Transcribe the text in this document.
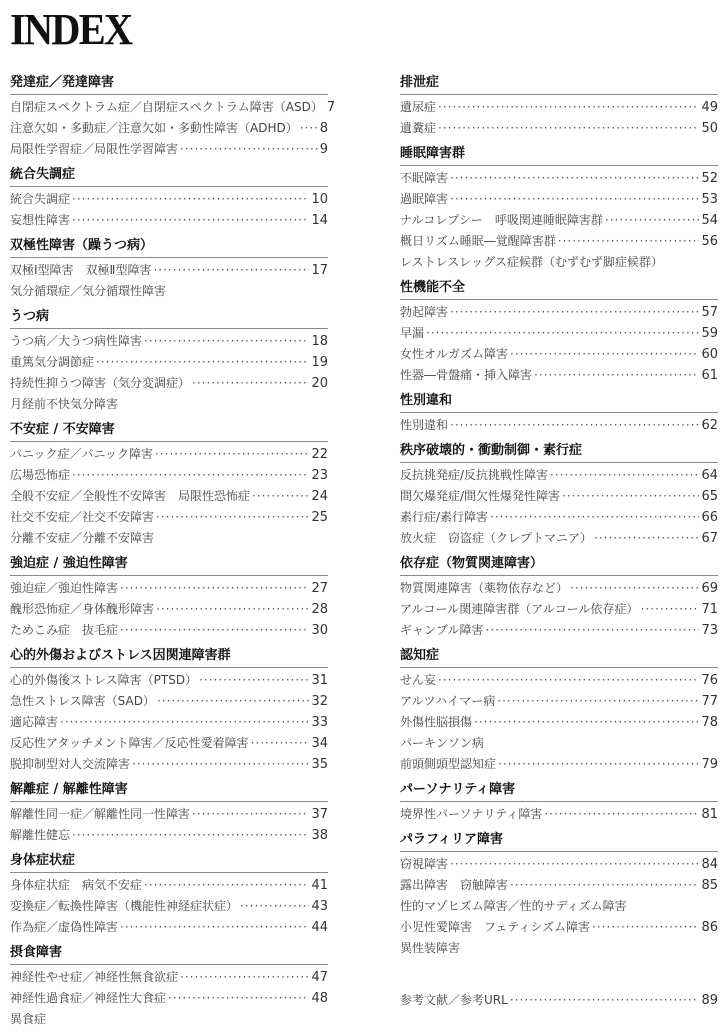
INDEX
発達症／発達障害
自閉症スペクトラム症／自閉症スペクトラム障害（ASD） 7
注意欠如・多動症／注意欠如・多動性障害（ADHD） ····· 8
局限性学習症／局限性学習障害 ·····	9
統合失調症
統合失調症 ·····	10
妄想性障害 ·····	14
双極性障害（躁うつ病）
双極Ⅰ型障害　双極Ⅱ型障害 ·····	17
気分循環症／気分循環性障害
うつ病
うつ病／大うつ病性障害 ·····	18
重篤気分調節症 ·····	19
持続性抑うつ障害（気分変調症） ·····	20
月経前不快気分障害
不安症 / 不安障害
パニック症／パニック障害 ·····	22
広場恐怖症 ·····	23
全般不安症／全般性不安障害　局限性恐怖症 ·····	24
社交不安症／社交不安障害 ·····	25
分離不安症／分離不安障害
強迫症 / 強迫性障害
強迫症／強迫性障害 ·····	27
醜形恐怖症／身体醜形障害 ·····	28
ためこみ症　抜毛症 ·····	30
心的外傷およびストレス因関連障害群
心的外傷後ストレス障害（PTSD） ·····	31
急性ストレス障害（SAD） ·····	32
適応障害 ·····	33
反応性アタッチメント障害／反応性愛着障害 ·····	34
脱抑制型対人交流障害 ·····	35
解離症 / 解離性障害
解離性同一症／解離性同一性障害 ·····	37
解離性健忘 ·····	38
身体症状症
身体症状症　病気不安症 ·····	41
変換症／転換性障害（機能性神経症状症） ·····	43
作為症／虚偽性障害 ·····	44
摂食障害
神経性やせ症／神経性無食欲症 ·····	47
神経性過食症／神経性大食症 ·····	48
異食症
排泄症
遺尿症 ·····	49
遺糞症 ·····	50
睡眠障害群
不眠障害 ·····	52
過眠障害 ·····	53
ナルコレプシー　呼吸関連睡眠障害群 ·····	54
概日リズム睡眠―覚醒障害群 ·····	56
レストレスレッグス症候群（むずむず脚症候群）
性機能不全
勃起障害 ·····	57
早漏 ·····	59
女性オルガズム障害 ·····	60
性器―骨盤痛・挿入障害 ·····	61
性別違和
性別違和 ·····	62
秩序破壊的・衝動制御・素行症
反抗挑発症/反抗挑戦性障害 ·····	64
間欠爆発症/間欠性爆発性障害 ·····	65
素行症/素行障害 ·····	66
放火症　窃盗症（クレプトマニア） ·····	67
依存症（物質関連障害）
物質関連障害（薬物依存など） ·····	69
アルコール関連障害群（アルコール依存症） ·····	71
ギャンブル障害 ·····	73
認知症
せん妄 ·····	76
アルツハイマー病 ·····	77
外傷性脳損傷 ·····	78
パーキンソン病
前頭側頭型認知症 ·····	79
パーソナリティ障害
境界性パーソナリティ障害 ·····	81
パラフィリア障害
窃視障害 ·····	84
露出障害　窃触障害 ·····	85
性的マゾヒズム障害／性的サディズム障害
小児性愛障害　フェティシズム障害 ·····	86
異性装障害
参考文献／参考URL ·····	89
